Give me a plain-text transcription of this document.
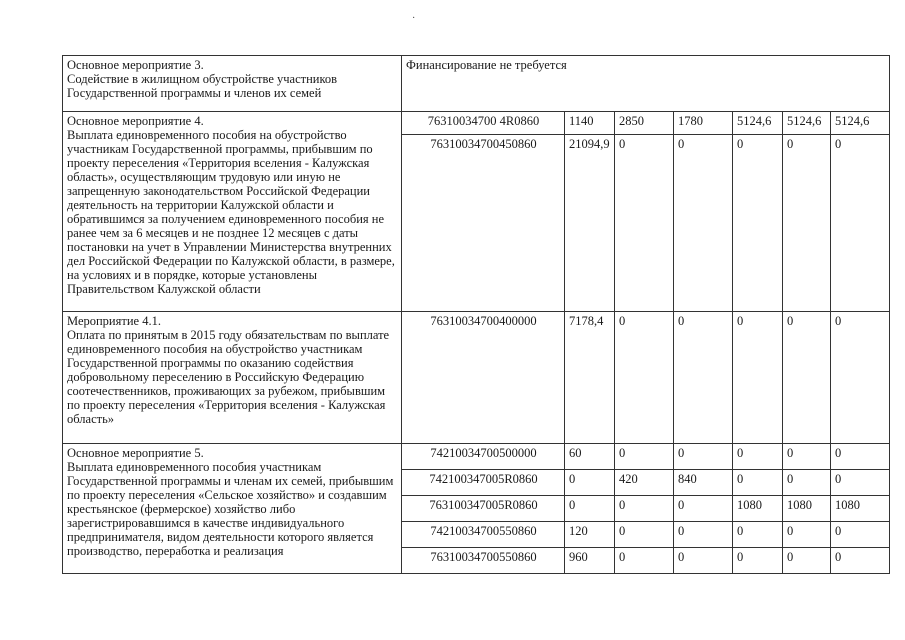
·
Основное мероприятие 3.
Содействие в жилищном обустройстве участников Государственной программы и членов их семей	Финансирование не требуется						

Основное мероприятие 4.
Выплата единовременного пособия на обустройство участникам Государственной программы, прибывшим по проекту переселения «Территория вселения - Калужская область», осуществляющим трудовую или иную не запрещенную законодательством Российской Федерации деятельность на территории Калужской области и обратившимся за получением единовременного пособия не ранее чем за 6 месяцев и не позднее 12 месяцев с даты постановки на учет в Управлении Министерства внутренних дел Российской Федерации по Калужской области, в размере, на условиях и в порядке, которые установлены Правительством Калужской области	76310034700 4R0860	1140	2850	1780	5124,6	5124,6	5124,6
	76310034700450860	21094,9	0	0	0	0	0

Мероприятие 4.1.
Оплата по принятым в 2015 году обязательствам по выплате единовременного пособия на обустройство участникам Государственной программы по оказанию содействия добровольному переселению в Российскую Федерацию соотечественников, проживающих за рубежом, прибывшим по проекту переселения «Территория вселения - Калужская область»	76310034700400000	7178,4	0	0	0	0	0

Основное мероприятие 5.
Выплата единовременного пособия участникам Государственной программы и членам их семей, прибывшим по проекту переселения «Сельское хозяйство» и создавшим крестьянское (фермерское) хозяйство либо зарегистрировавшимся в качестве индивидуального предпринимателя, видом деятельности которого является производство, переработка и реализация	74210034700500000	60	0	0	0	0	0
	742100347005R0860	0	420	840	0	0	0
	763100347005R0860	0	0	0	1080	1080	1080
	74210034700550860	120	0	0	0	0	0
	76310034700550860	960	0	0	0	0	0
